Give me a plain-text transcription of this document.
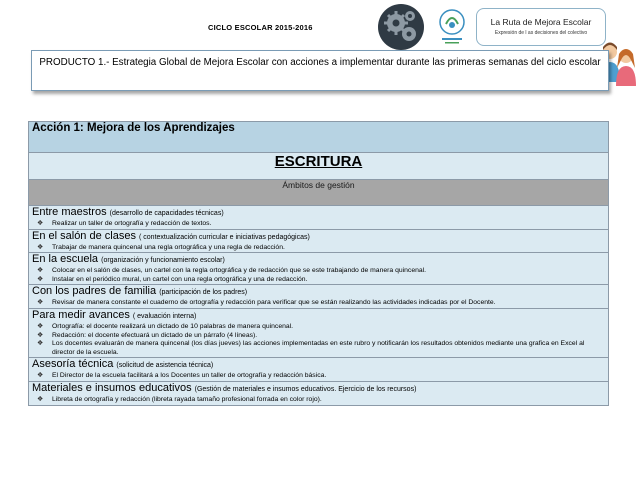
CICLO ESCOLAR 2015-2016
La Ruta de Mejora Escolar
Expresión de l as decisiones del colectivo
PRODUCTO 1.- Estrategia Global de Mejora Escolar con acciones a implementar durante las primeras semanas del ciclo escolar
Acción 1: Mejora de los Aprendizajes
ESCRITURA
Ámbitos de gestión

Entre maestros (desarrollo de capacidades técnicas)
❖ Realizar un taller de ortografía y redacción de textos.

En el salón de clases ( contextualización curricular e iniciativas pedagógicas)
❖ Trabajar de manera quincenal una regla ortográfica y una regla de redacción.

En la escuela (organización y funcionamiento escolar)
❖ Colocar en el salón de clases, un cartel con la regla ortográfica y de redacción que se este trabajando de manera quincenal.
❖ Instalar en el periódico mural, un cartel con una regla ortográfica y una de redacción.

Con los padres de familia (participación de los padres)
❖ Revisar de manera constante el cuaderno de ortografía y redacción para verificar que se están realizando las actividades indicadas por el Docente.

Para medir avances ( evaluación interna)
❖ Ortografía: el docente realizará un dictado de 10 palabras de manera quincenal.
❖ Redacción: el docente efectuará un dictado de un párrafo (4 líneas).
❖ Los docentes evaluarán de manera quincenal (los días jueves) las acciones implementadas en este rubro y notificarán los resultados obtenidos mediante una grafica en Excel al director de la escuela.

Asesoría técnica (solicitud de asistencia técnica)
❖ El Director de la escuela facilitará a los Docentes un taller de ortografía y redacción básica.

Materiales e insumos educativos (Gestión de materiales e insumos educativos. Ejercicio de los recursos)
❖ Libreta de ortografía y redacción (libreta rayada tamaño profesional forrada en color rojo).
